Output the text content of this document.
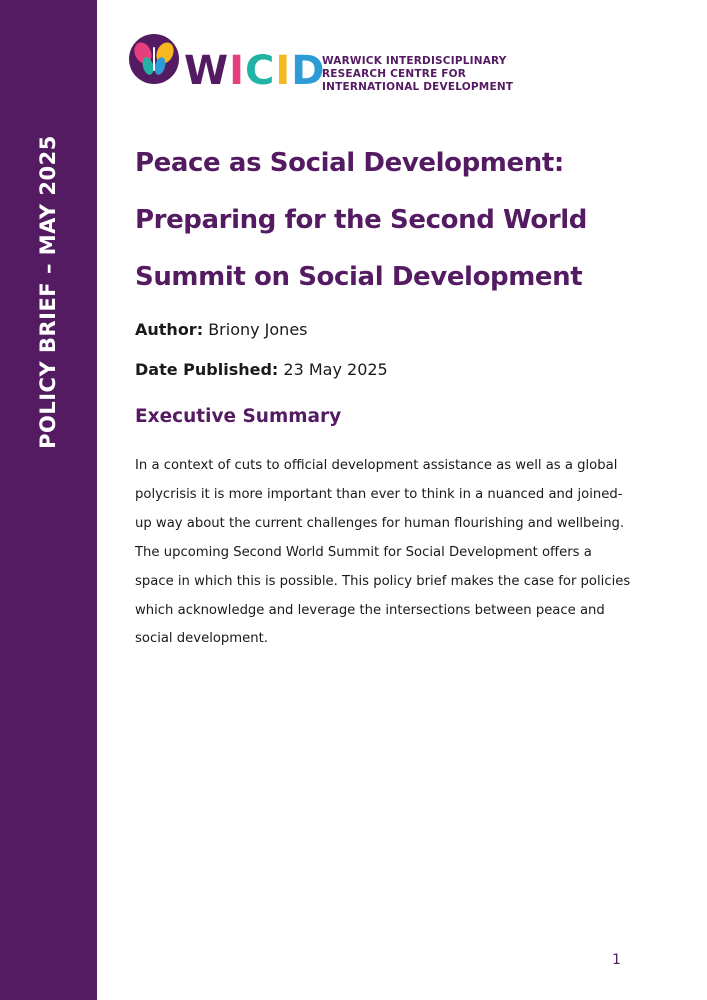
POLICY BRIEF – MAY 2025
WICID
WARWICK INTERDISCIPLINARY
RESEARCH CENTRE FOR
INTERNATIONAL DEVELOPMENT
Peace as Social Development:
Preparing for the Second World
Summit on Social Development
Author: Briony Jones
Date Published: 23 May 2025
Executive Summary
In a context of cuts to official development assistance as well as a global
polycrisis it is more important than ever to think in a nuanced and joined-
up way about the current challenges for human flourishing and wellbeing.
The upcoming Second World Summit for Social Development offers a
space in which this is possible. This policy brief makes the case for policies
which acknowledge and leverage the intersections between peace and
social development.
1
